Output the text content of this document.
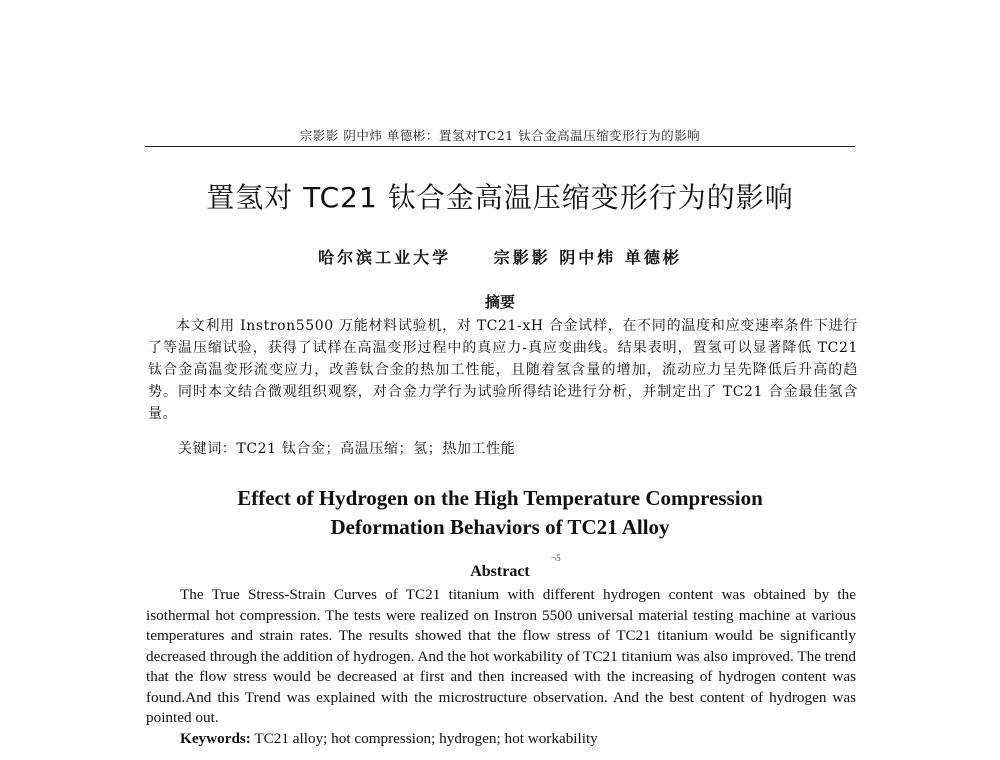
宗影影 阴中炜 单德彬：置氢对TC21 钛合金高温压缩变形行为的影响
置氢对 TC21 钛合金高温压缩变形行为的影响
哈尔滨工业大学	宗影影 阴中炜 单德彬
摘要
本文利用 Instron5500 万能材料试验机，对 TC21-xH 合金试样，在不同的温度和应变速率条件下进行了等温压缩试验，获得了试样在高温变形过程中的真应力-真应变曲线。结果表明，置氢可以显著降低 TC21 钛合金高温变形流变应力，改善钛合金的热加工性能，且随着氢含量的增加，流动应力呈先降低后升高的趋势。同时本文结合微观组织观察，对合金力学行为试验所得结论进行分析，并制定出了 TC21 合金最佳氢含量。
关键词：TC21 钛合金；高温压缩；氢；热加工性能
Effect of Hydrogen on the High Temperature Compression
Deformation Behaviors of TC21 Alloy
¬5
Abstract
The True Stress-Strain Curves of TC21 titanium with different hydrogen content was obtained by the isothermal hot compression. The tests were realized on Instron 5500 universal material testing machine at various temperatures and strain rates. The results showed that the flow stress of TC21 titanium would be significantly decreased through the addition of hydrogen. And the hot workability of TC21 titanium was also improved. The trend that the flow stress would be decreased at first and then increased with the increasing of hydrogen content was found.And this Trend was explained with the microstructure observation. And the best content of hydrogen was pointed out.
Keywords: TC21 alloy; hot compression; hydrogen; hot workability
